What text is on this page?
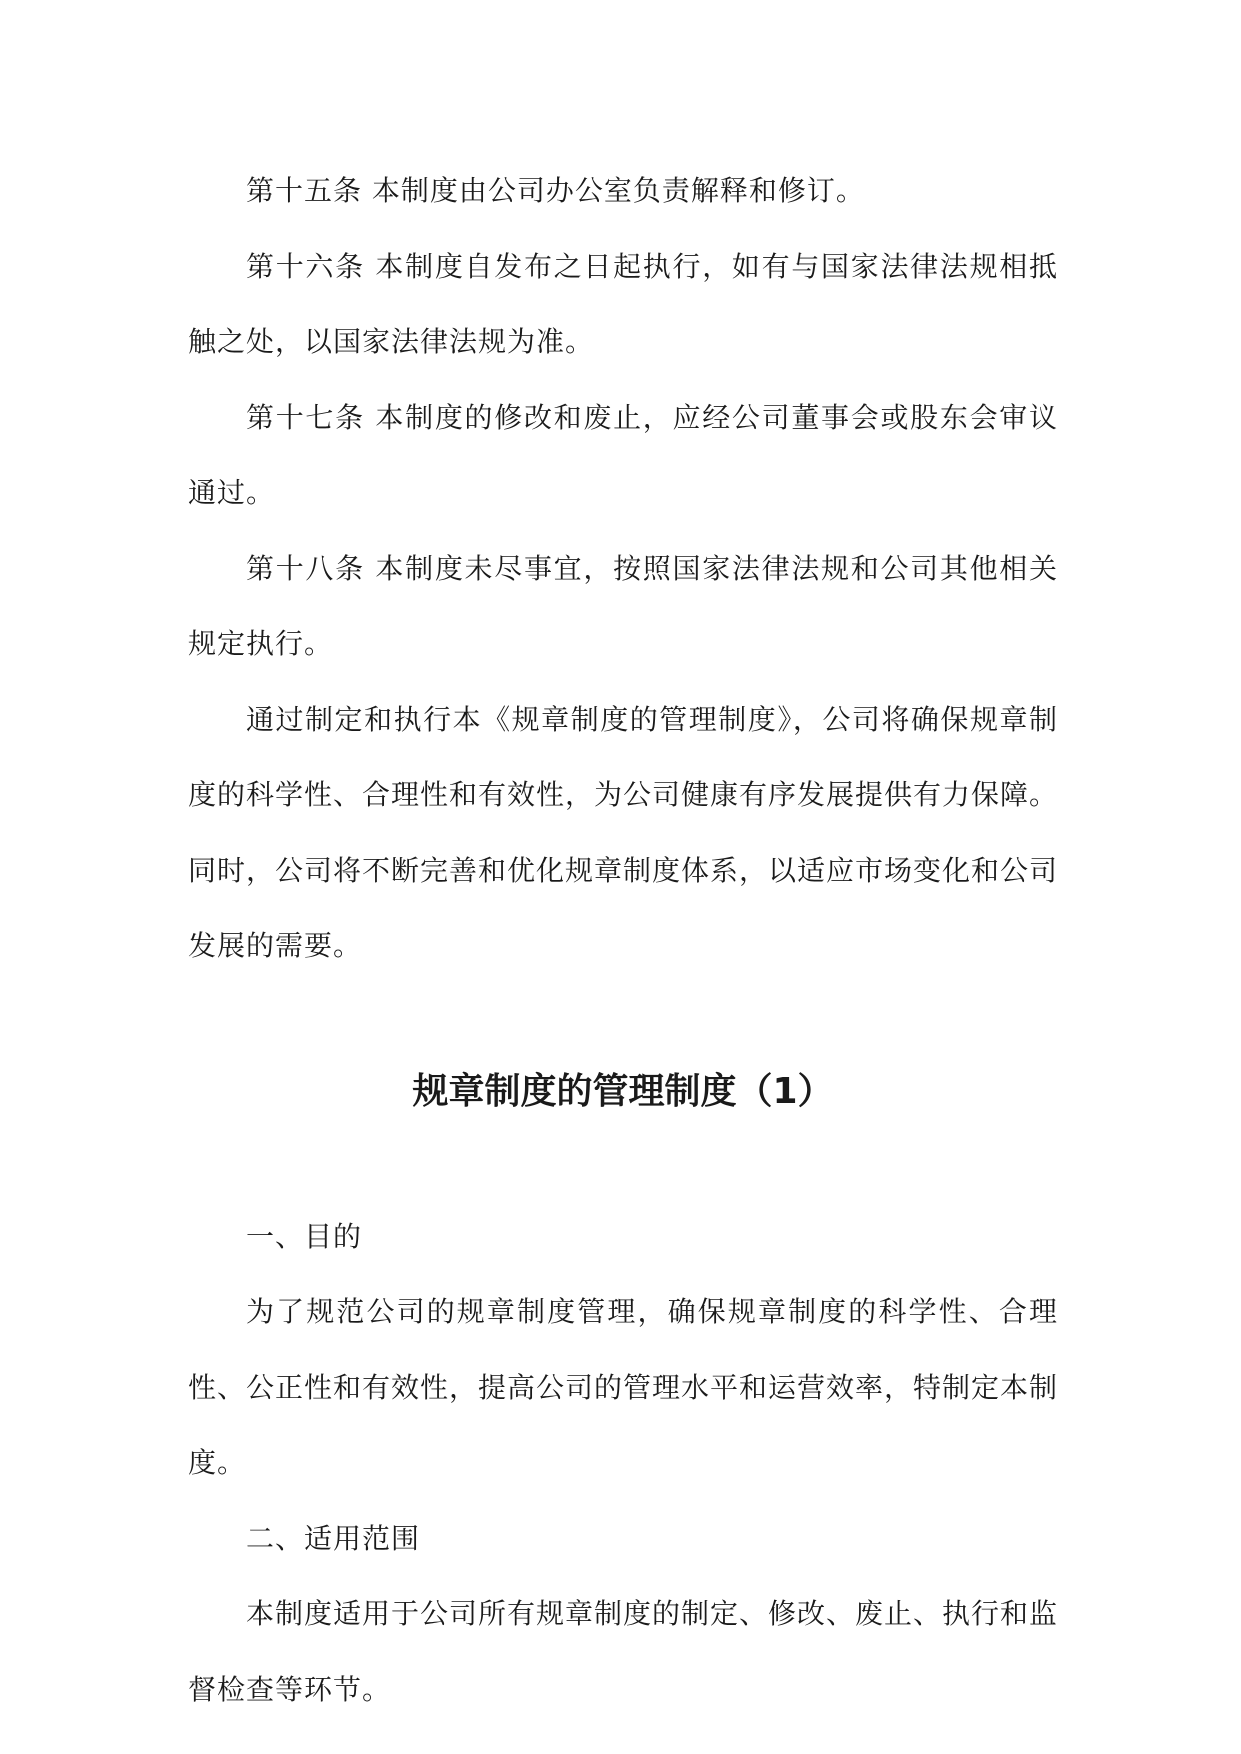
第十五条 本制度由公司办公室负责解释和修订。

第十六条 本制度自发布之日起执行，如有与国家法律法规相抵触之处，以国家法律法规为准。

第十七条 本制度的修改和废止，应经公司董事会或股东会审议通过。

第十八条 本制度未尽事宜，按照国家法律法规和公司其他相关规定执行。

通过制定和执行本《规章制度的管理制度》，公司将确保规章制度的科学性、合理性和有效性，为公司健康有序发展提供有力保障。同时，公司将不断完善和优化规章制度体系，以适应市场变化和公司发展的需要。

规章制度的管理制度（1）

一、目的

为了规范公司的规章制度管理，确保规章制度的科学性、合理性、公正性和有效性，提高公司的管理水平和运营效率，特制定本制度。

二、适用范围

本制度适用于公司所有规章制度的制定、修改、废止、执行和监督检查等环节。
